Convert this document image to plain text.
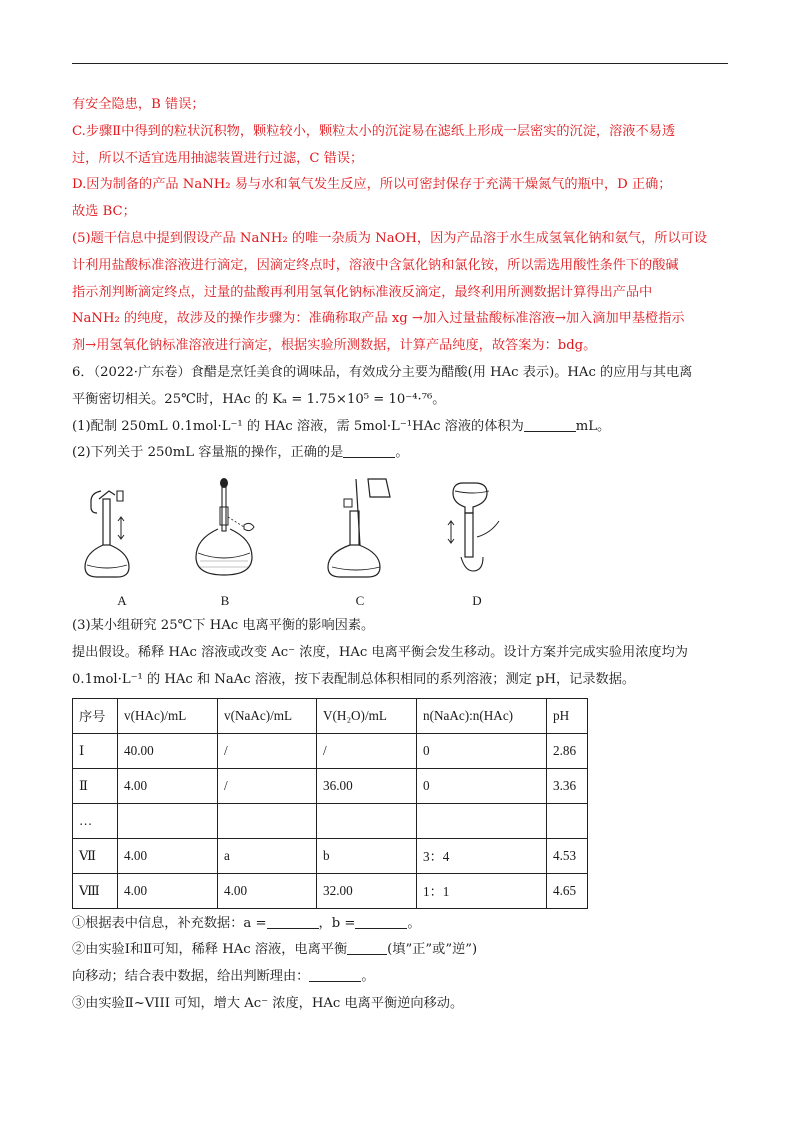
有安全隐患，B 错误；
C.步骤Ⅱ中得到的粒状沉积物，颗粒较小，颗粒太小的沉淀易在滤纸上形成一层密实的沉淀，溶液不易透
过，所以不适宜选用抽滤装置进行过滤，C 错误；
D.因为制备的产品 NaNH₂ 易与水和氧气发生反应，所以可密封保存于充满干燥氮气的瓶中，D 正确；
故选 BC；
(5)题干信息中提到假设产品 NaNH₂ 的唯一杂质为 NaOH，因为产品溶于水生成氢氧化钠和氨气，所以可设
计利用盐酸标准溶液进行滴定，因滴定终点时，溶液中含氯化钠和氯化铵，所以需选用酸性条件下的酸碱
指示剂判断滴定终点，过量的盐酸再利用氢氧化钠标准液反滴定，最终利用所测数据计算得出产品中
NaNH₂ 的纯度，故涉及的操作步骤为：准确称取产品 xg →加入过量盐酸标准溶液→加入滴加甲基橙指示
剂→用氢氧化钠标准溶液进行滴定，根据实验所测数据，计算产品纯度，故答案为：bdg。
6．（2022·广东卷）食醋是烹饪美食的调味品，有效成分主要为醋酸(用 HAc 表示)。HAc 的应用与其电离
平衡密切相关。25℃时，HAc 的 Kₐ = 1.75×10⁵ = 10⁻⁴·⁷⁶。
(1)配制 250mL 0.1mol·L⁻¹ 的 HAc 溶液，需 5mol·L⁻¹HAc 溶液的体积为	mL。
(2)下列关于 250mL 容量瓶的操作，正确的是	。
A	B	C	D
(3)某小组研究 25℃下 HAc 电离平衡的影响因素。
提出假设。稀释 HAc 溶液或改变 Ac⁻ 浓度，HAc 电离平衡会发生移动。设计方案并完成实验用浓度均为
0.1mol·L⁻¹ 的 HAc 和 NaAc 溶液，按下表配制总体积相同的系列溶液；测定 pH，记录数据。
序号	v(HAc)/mL	v(NaAc)/mL	V(H₂O)/mL	n(NaAc):n(HAc)	pH
Ⅰ	40.00	/	/	0	2.86
Ⅱ	4.00	/	36.00	0	3.36
…					
Ⅶ	4.00	a	b	3：4	4.53
Ⅷ	4.00	4.00	32.00	1：1	4.65
①根据表中信息，补充数据：a =	，b =	。
②由实验Ⅰ和Ⅱ可知，稀释 HAc 溶液，电离平衡	(填”正”或”逆”)
向移动；结合表中数据，给出判断理由：	。
③由实验Ⅱ~VIII 可知，增大 Ac⁻ 浓度，HAc 电离平衡逆向移动。
